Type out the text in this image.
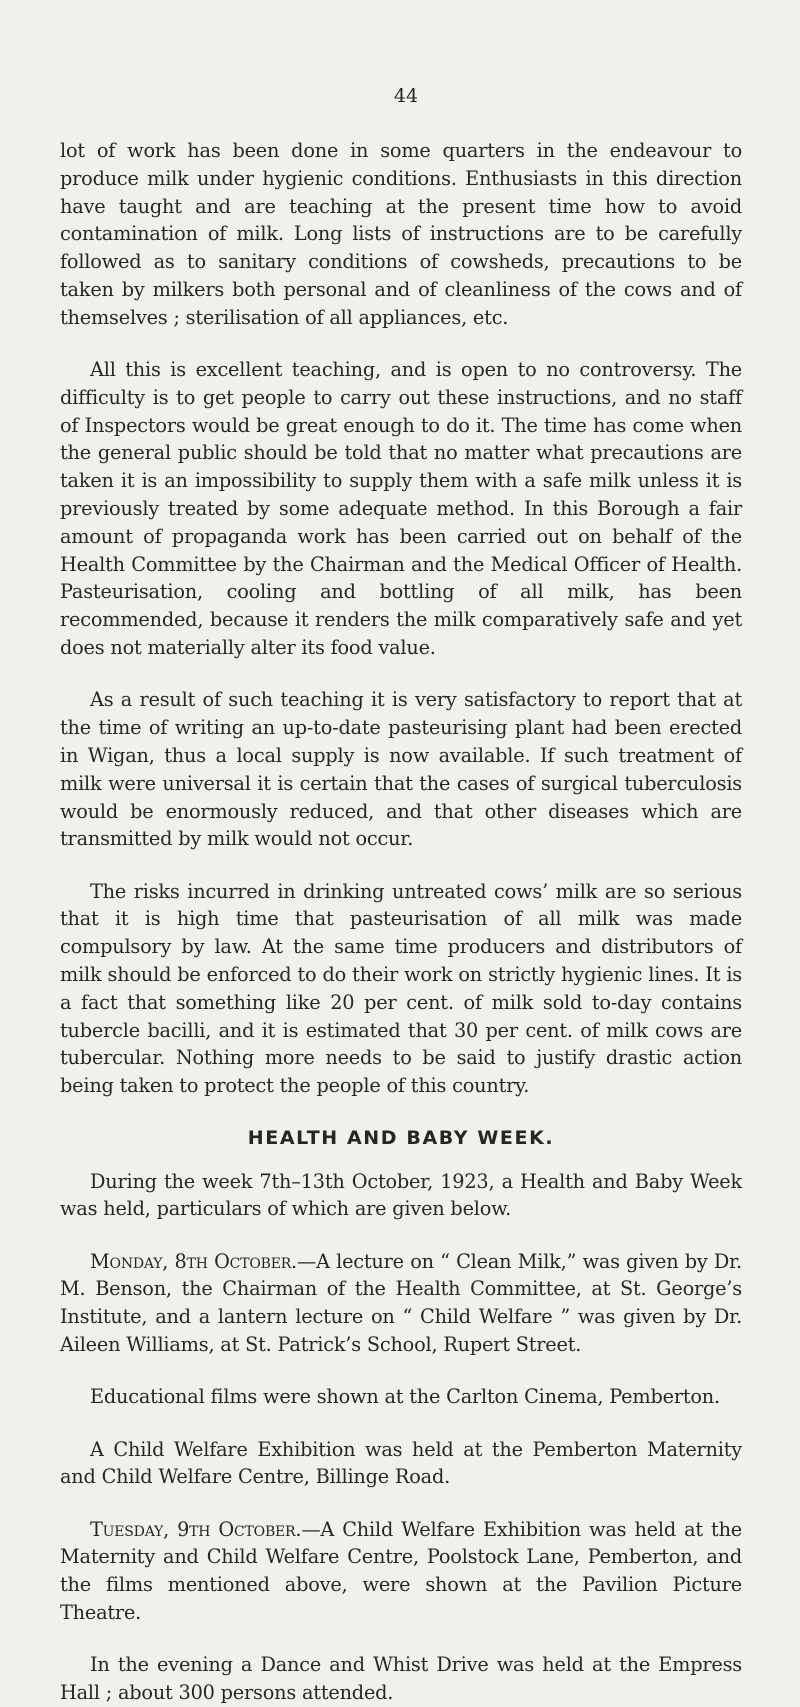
44

lot of work has been done in some quarters in the endeavour to produce milk under hygienic conditions. Enthusiasts in this direction have taught and are teaching at the present time how to avoid contamination of milk. Long lists of instructions are to be carefully followed as to sanitary conditions of cowsheds, precautions to be taken by milkers both personal and of cleanliness of the cows and of themselves ; sterilisation of all appliances, etc.

All this is excellent teaching, and is open to no controversy. The difficulty is to get people to carry out these instructions, and no staff of Inspectors would be great enough to do it. The time has come when the general public should be told that no matter what precautions are taken it is an impossibility to supply them with a safe milk unless it is previously treated by some adequate method. In this Borough a fair amount of propaganda work has been carried out on behalf of the Health Committee by the Chairman and the Medical Officer of Health. Pasteurisation, cooling and bottling of all milk, has been recommended, because it renders the milk comparatively safe and yet does not materially alter its food value.

As a result of such teaching it is very satisfactory to report that at the time of writing an up-to-date pasteurising plant had been erected in Wigan, thus a local supply is now available. If such treatment of milk were universal it is certain that the cases of surgical tuberculosis would be enormously reduced, and that other diseases which are transmitted by milk would not occur.

The risks incurred in drinking untreated cows’ milk are so serious that it is high time that pasteurisation of all milk was made compulsory by law. At the same time producers and distributors of milk should be enforced to do their work on strictly hygienic lines. It is a fact that something like 20 per cent. of milk sold to-day contains tubercle bacilli, and it is estimated that 30 per cent. of milk cows are tubercular. Nothing more needs to be said to justify drastic action being taken to protect the people of this country.

HEALTH AND BABY WEEK.

During the week 7th–13th October, 1923, a Health and Baby Week was held, particulars of which are given below.

Monday, 8th October.—A lecture on “ Clean Milk,” was given by Dr. M. Benson, the Chairman of the Health Committee, at St. George’s Institute, and a lantern lecture on “ Child Welfare ” was given by Dr. Aileen Williams, at St. Patrick’s School, Rupert Street.

Educational films were shown at the Carlton Cinema, Pemberton.

A Child Welfare Exhibition was held at the Pemberton Maternity and Child Welfare Centre, Billinge Road.

Tuesday, 9th October.—A Child Welfare Exhibition was held at the Maternity and Child Welfare Centre, Poolstock Lane, Pemberton, and the films mentioned above, were shown at the Pavilion Picture Theatre.

In the evening a Dance and Whist Drive was held at the Empress Hall ; about 300 persons attended.
